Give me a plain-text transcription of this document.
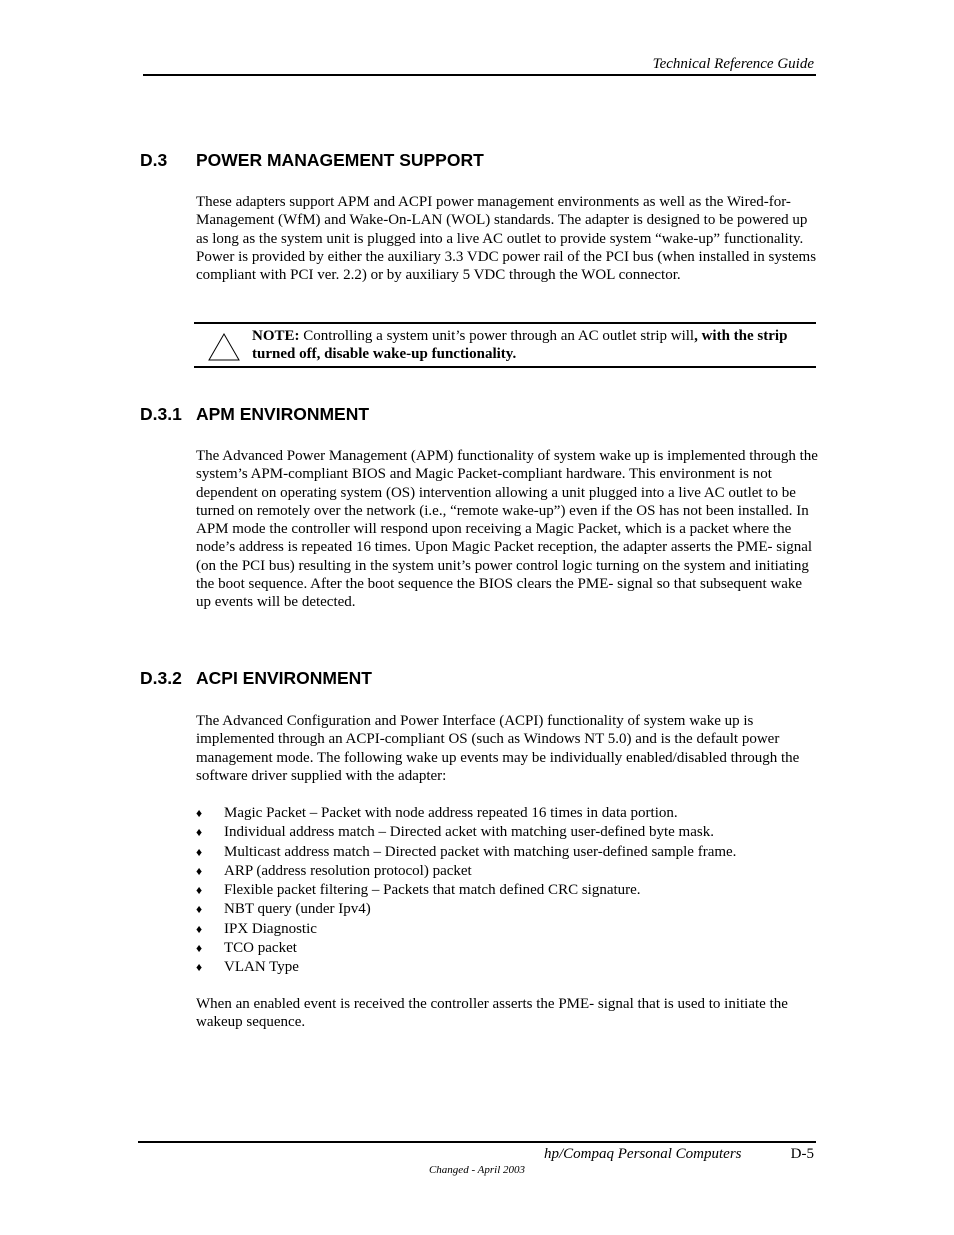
Technical Reference Guide
D.3 POWER MANAGEMENT SUPPORT
These adapters support APM and ACPI power management environments as well as the Wired-for-Management (WfM) and Wake-On-LAN (WOL) standards. The adapter is designed to be powered up as long as the system unit is plugged into a live AC outlet to provide system “wake-up” functionality. Power is provided by either the auxiliary 3.3 VDC power rail of the PCI bus (when installed in systems compliant with PCI ver. 2.2) or by auxiliary 5 VDC through the WOL connector.
NOTE: Controlling a system unit’s power through an AC outlet strip will, with the strip turned off, disable wake-up functionality.
D.3.1 APM ENVIRONMENT
The Advanced Power Management (APM) functionality of system wake up is implemented through the system’s APM-compliant BIOS and Magic Packet-compliant hardware. This environment is not dependent on operating system (OS) intervention allowing a unit plugged into a live AC outlet to be turned on remotely over the network (i.e., “remote wake-up”) even if the OS has not been installed. In APM mode the controller will respond upon receiving a Magic Packet, which is a packet where the node’s address is repeated 16 times. Upon Magic Packet reception, the adapter asserts the PME- signal (on the PCI bus) resulting in the system unit’s power control logic turning on the system and initiating the boot sequence. After the boot sequence the BIOS clears the PME- signal so that subsequent wake up events will be detected.
D.3.2 ACPI ENVIRONMENT
The Advanced Configuration and Power Interface (ACPI) functionality of system wake up is implemented through an ACPI-compliant OS (such as Windows NT 5.0) and is the default power management mode. The following wake up events may be individually enabled/disabled through the software driver supplied with the adapter:
♦ Magic Packet – Packet with node address repeated 16 times in data portion.
♦ Individual address match – Directed acket with matching user-defined byte mask.
♦ Multicast address match – Directed packet with matching user-defined sample frame.
♦ ARP (address resolution protocol) packet
♦ Flexible packet filtering – Packets that match defined CRC signature.
♦ NBT query (under Ipv4)
♦ IPX Diagnostic
♦ TCO packet
♦ VLAN Type
When an enabled event is received the controller asserts the PME- signal that is used to initiate the wakeup sequence.
hp/Compaq Personal Computers	D-5
Changed - April 2003
